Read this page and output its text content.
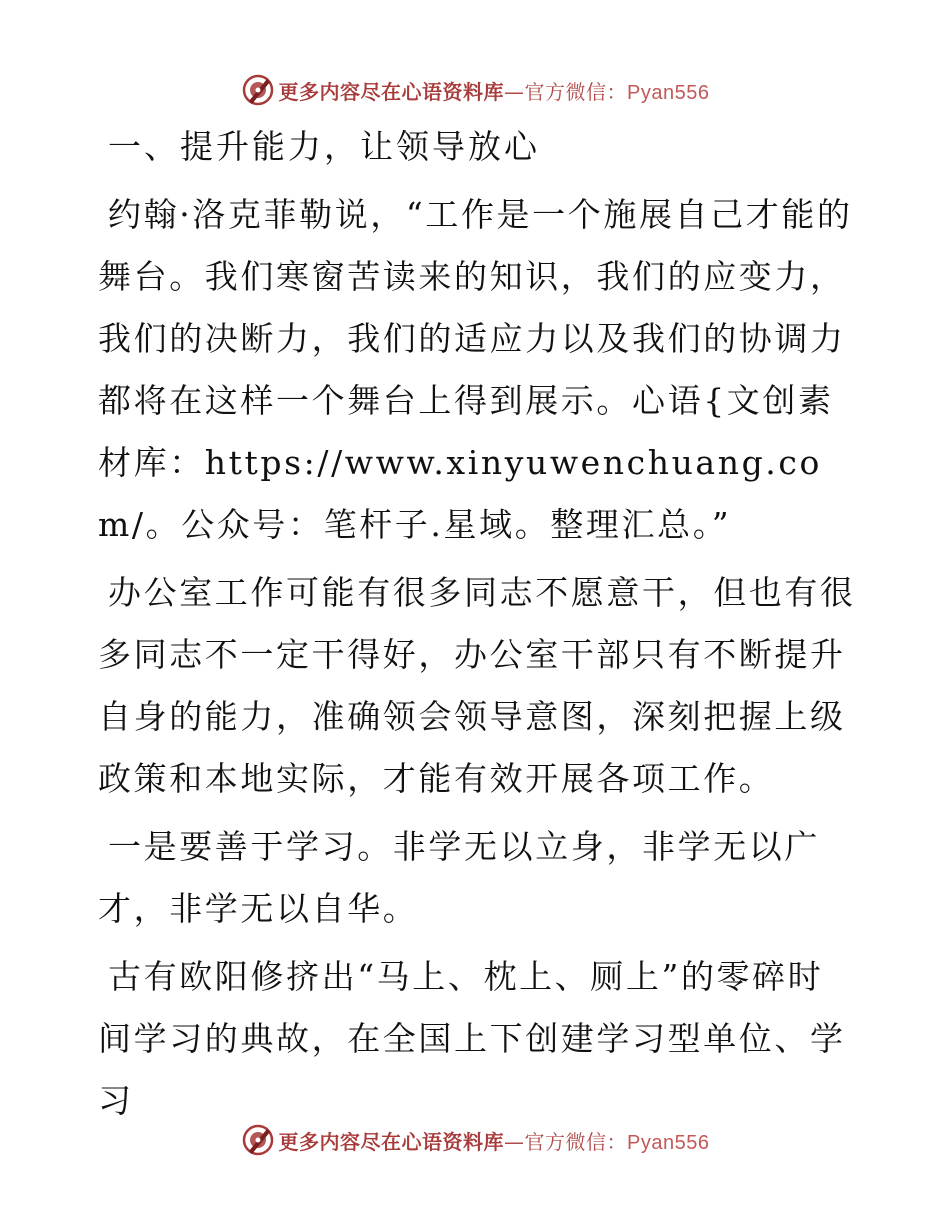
更多内容尽在心语资料库—官方微信：Pyan556
一、提升能力，让领导放心

约翰·洛克菲勒说，“工作是一个施展自己才能的舞台。我们寒窗苦读来的知识，我们的应变力，我们的决断力，我们的适应力以及我们的协调力都将在这样一个舞台上得到展示。心语{文创素材库：https://www.xinyuwenchuang.com/。公众号：笔杆子.星域。整理汇总。”

办公室工作可能有很多同志不愿意干，但也有很多同志不一定干得好，办公室干部只有不断提升自身的能力，准确领会领导意图，深刻把握上级政策和本地实际，才能有效开展各项工作。

一是要善于学习。非学无以立身，非学无以广才，非学无以自华。

古有欧阳修挤出“马上、枕上、厕上”的零碎时间学习的典故，在全国上下创建学习型单位、学习

更多内容尽在心语资料库—官方微信：Pyan556
